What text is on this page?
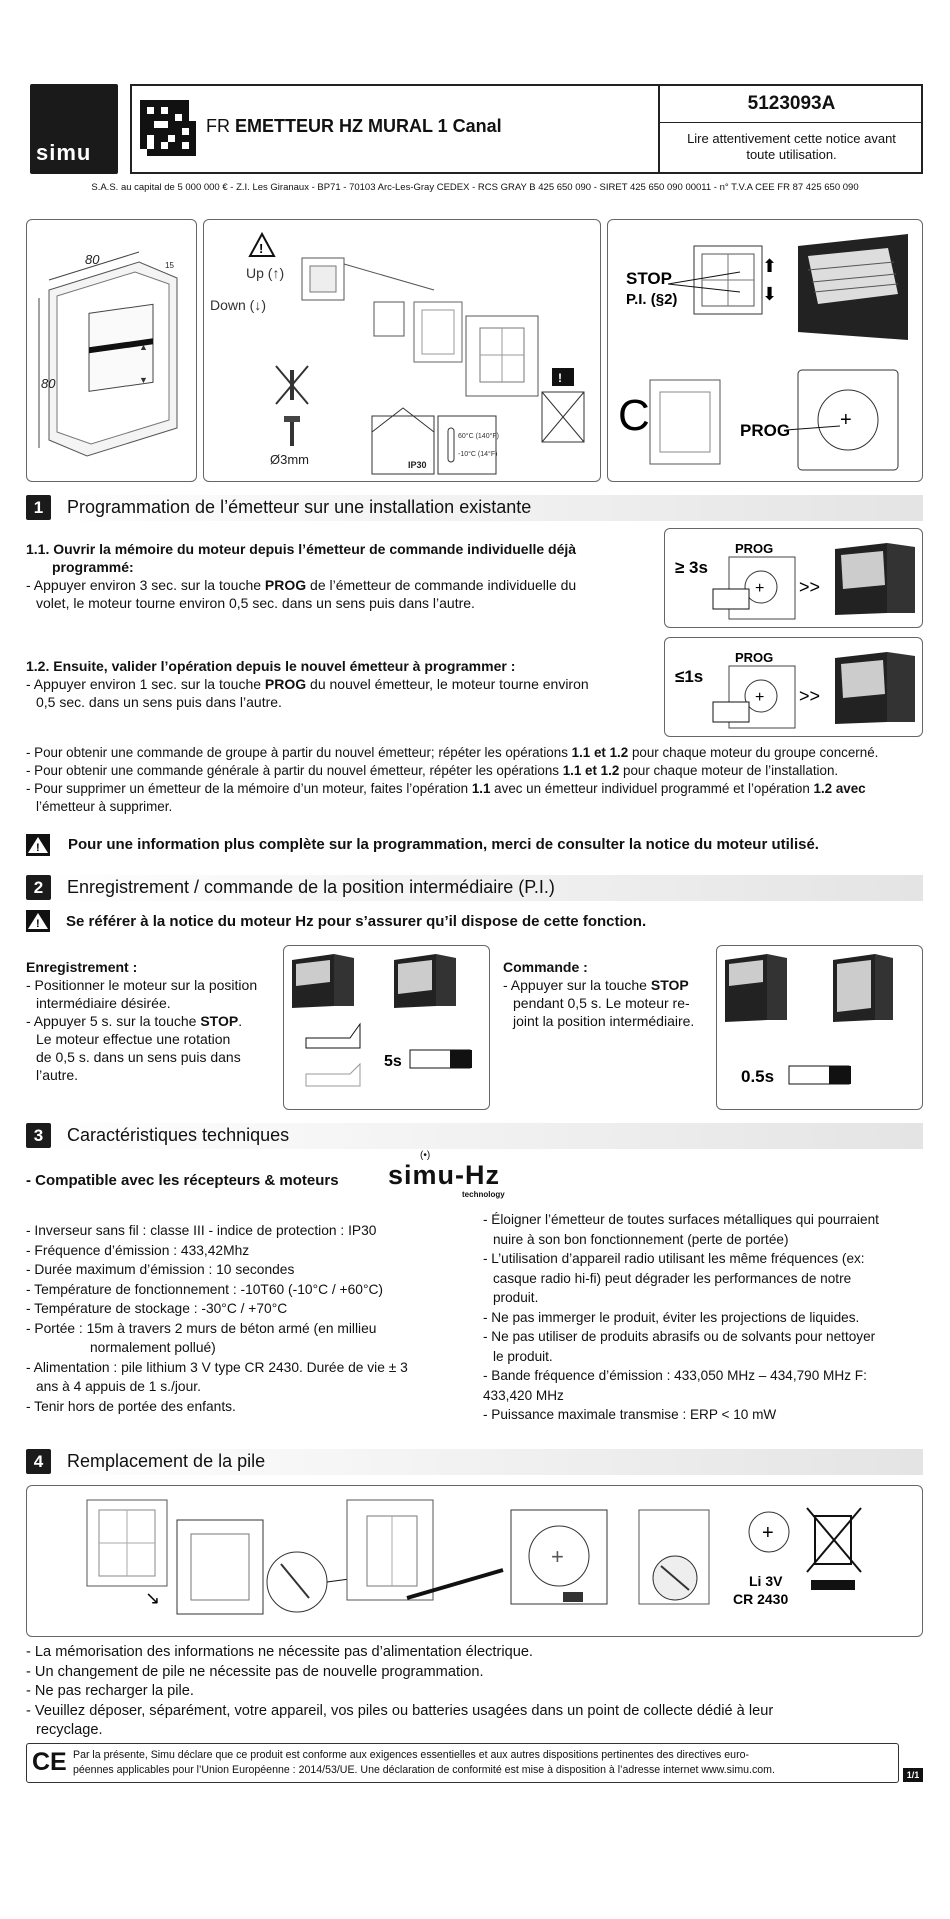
simu
FR EMETTEUR HZ MURAL 1 Canal
5123093A
Lire attentivement cette notice avant
toute utilisation.
S.A.S. au capital de 5 000 000 € - Z.I. Les Giranaux - BP71 - 70103 Arc-Les-Gray CEDEX - RCS GRAY B 425 650 090 - SIRET 425 650 090 00011 - n° T.V.A CEE FR 87 425 650 090
▲
▼
80
80
15
!
Up (↑)
Down (↓)
Ø3mm	IP30
60°C (140°F)
-10°C (14°F)
!
STOP
P.I. (§2)
⬆
⬇
C	PROG +
1	Programmation de l’émetteur sur une installation existante

1.1. Ouvrir la mémoire du moteur depuis l’émetteur de commande individuelle déjà

programmé:

- Appuyer environ 3 sec. sur la touche PROG de l’émetteur de commande individuelle du

volet, le moteur tourne environ 0,5 sec. dans un sens puis dans l’autre.

1.2. Ensuite, valider l’opération depuis le nouvel émetteur à programmer :

- Appuyer environ 1 sec. sur la touche PROG du nouvel émetteur, le moteur tourne environ

0,5 sec. dans un sens puis dans l’autre.

≥ 3s
PROG
+ >>
≤1s
PROG
+ >>

- Pour obtenir une commande de groupe à partir du nouvel émetteur; répéter les opérations 1.1 et 1.2 pour chaque moteur du groupe concerné.

- Pour obtenir une commande générale à partir du nouvel émetteur, répéter les opérations 1.1 et 1.2 pour chaque moteur de l’installation.

- Pour supprimer un émetteur de la mémoire d’un moteur, faites l’opération 1.1 avec un émetteur individuel programmé et l’opération 1.2 avec

l’émetteur à supprimer.

! Pour une information plus complète sur la programmation, merci de consulter la notice du moteur utilisé.
2	Enregistrement / commande de la position intermédiaire (P.I.)
! Se référer à la notice du moteur Hz pour s’assurer qu’il dispose de cette fonction.

Enregistrement :

- Positionner le moteur sur la position

intermédiaire désirée.

- Appuyer 5 s. sur la touche STOP.

Le moteur effectue une rotation

de 0,5 s. dans un sens puis dans

l’autre.

5s

Commande :

- Appuyer sur la touche STOP

pendant 0,5 s. Le moteur re-

joint la position intermédiaire.

0.5s
3	Caractéristiques techniques
- Compatible avec les récepteurs & moteurs
(•)
simu-Hz
technology

- Inverseur sans fil : classe III - indice de protection : IP30

- Fréquence d’émission : 433,42Mhz

- Durée maximum d’émission : 10 secondes

- Température de fonctionnement : -10T60 (-10°C / +60°C)

- Température de stockage : -30°C / +70°C

- Portée : 15m à travers 2 murs de béton armé (en millieu

normalement pollué)

- Alimentation : pile lithium 3 V type CR 2430. Durée de vie ± 3

ans à 4 appuis de 1 s./jour.

- Tenir hors de portée des enfants.

- Éloigner l’émetteur de toutes surfaces métalliques qui pourraient

nuire à son bon fonctionnement (perte de portée)

- L’utilisation d’appareil radio utilisant les même fréquences (ex:

casque radio hi-fi) peut dégrader les performances de notre

produit.

- Ne pas immerger le produit, éviter les projections de liquides.

- Ne pas utiliser de produits abrasifs ou de solvants pour nettoyer

le produit.

- Bande fréquence d’émission : 433,050 MHz – 434,790 MHz F:

433,420 MHz

- Puissance maximale transmise : ERP < 10 mW

4	Remplacement de la pile
↘
+
+
Li 3V
CR 2430

- La mémorisation des informations ne nécessite pas d’alimentation électrique.

- Un changement de pile ne nécessite pas de nouvelle programmation.

- Ne pas recharger la pile.

- Veuillez déposer, séparément, votre appareil, vos piles ou batteries usagées dans un point de collecte dédié à leur

recyclage.

CE Par la présente, Simu déclare que ce produit est conforme aux exigences essentielles et aux autres dispositions pertinentes des directives euro-

péennes applicables pour l’Union Européenne : 2014/53/UE. Une déclaration de conformité est mise à disposition à l’adresse internet www.simu.com.	1/1
